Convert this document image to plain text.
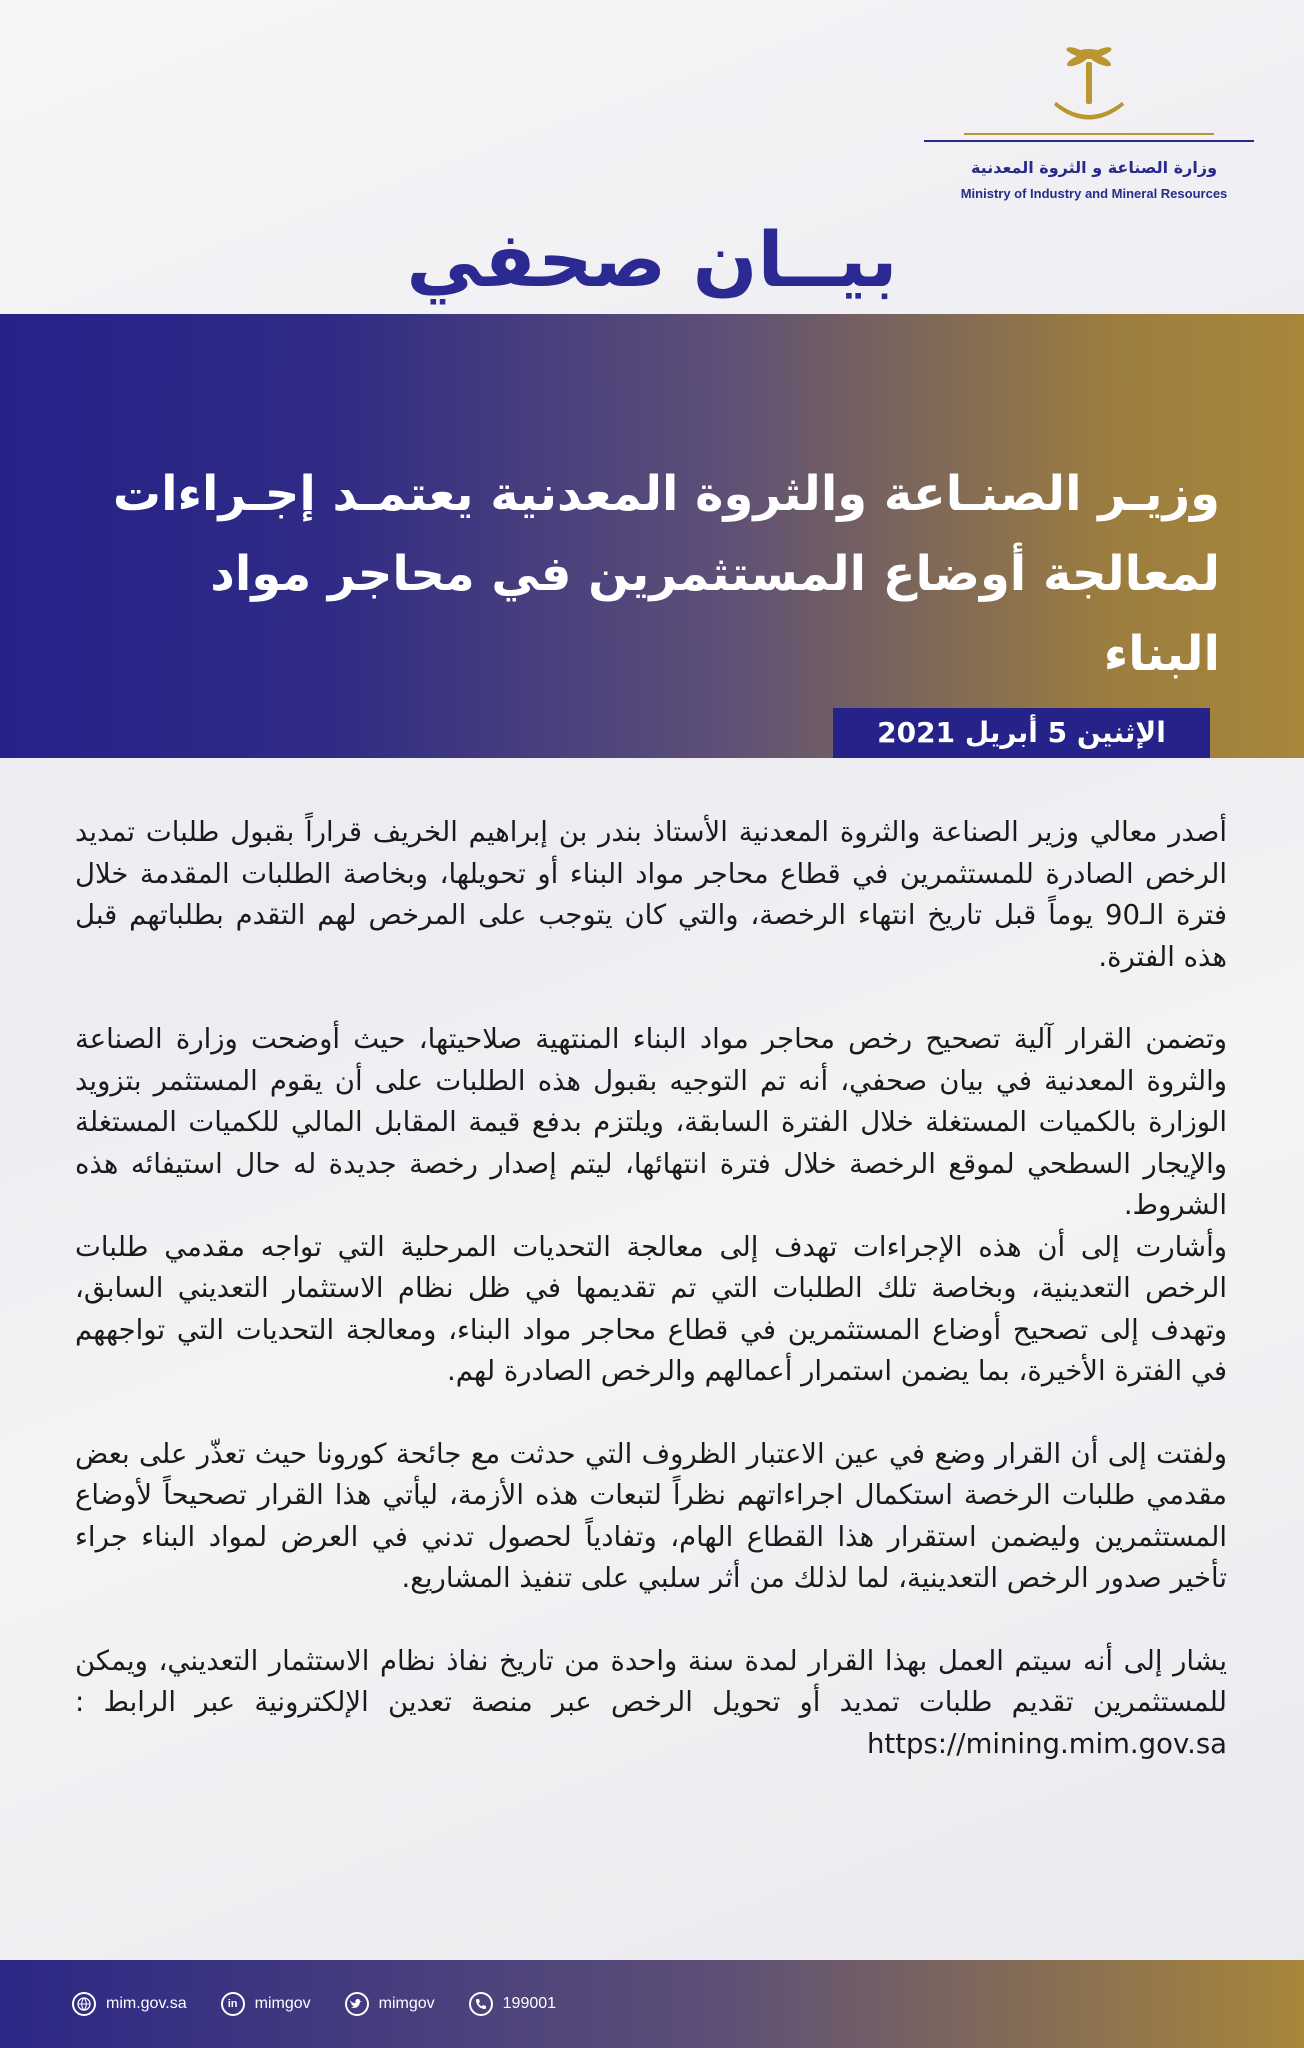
وزارة الصناعة و الثروة المعدنية
Ministry of Industry and Mineral Resources
بيــان صحفي
وزيـر الصنـاعة والثروة المعدنية يعتمـد إجـراءات
لمعالجة أوضاع المستثمرين في محاجر مواد البناء
الإثنين 5 أبريل 2021

أصدر معالي وزير الصناعة والثروة المعدنية الأستاذ بندر بن إبراهيم الخريف قراراً بقبول طلبات تمديد الرخص الصادرة للمستثمرين في قطاع محاجر مواد البناء أو تحويلها، وبخاصة الطلبات المقدمة خلال فترة الـ90 يوماً قبل تاريخ انتهاء الرخصة، والتي كان يتوجب على المرخص لهم التقدم بطلباتهم قبل هذه الفترة.

وتضمن القرار آلية تصحيح رخص محاجر مواد البناء المنتهية صلاحيتها، حيث أوضحت وزارة الصناعة والثروة المعدنية في بيان صحفي، أنه تم التوجيه بقبول هذه الطلبات على أن يقوم المستثمر بتزويد الوزارة بالكميات المستغلة خلال الفترة السابقة، ويلتزم بدفع قيمة المقابل المالي للكميات المستغلة والإيجار السطحي لموقع الرخصة خلال فترة انتهائها، ليتم إصدار رخصة جديدة له حال استيفائه هذه الشروط.

وأشارت إلى أن هذه الإجراءات تهدف إلى معالجة التحديات المرحلية التي تواجه مقدمي طلبات الرخص التعدينية، وبخاصة تلك الطلبات التي تم تقديمها في ظل نظام الاستثمار التعديني السابق، وتهدف إلى تصحيح أوضاع المستثمرين في قطاع محاجر مواد البناء، ومعالجة التحديات التي تواجههم في الفترة الأخيرة، بما يضمن استمرار أعمالهم والرخص الصادرة لهم.

ولفتت إلى أن القرار وضع في عين الاعتبار الظروف التي حدثت مع جائحة كورونا حيث تعذّر على بعض مقدمي طلبات الرخصة استكمال اجراءاتهم نظراً لتبعات هذه الأزمة، ليأتي هذا القرار تصحيحاً لأوضاع المستثمرين وليضمن استقرار هذا القطاع الهام، وتفادياً لحصول تدني في العرض لمواد البناء جراء تأخير صدور الرخص التعدينية، لما لذلك من أثر سلبي على تنفيذ المشاريع.

يشار إلى أنه سيتم العمل بهذا القرار لمدة سنة واحدة من تاريخ نفاذ نظام الاستثمار التعديني، ويمكن للمستثمرين تقديم طلبات تمديد أو تحويل الرخص عبر منصة تعدين الإلكترونية عبر الرابط : https://mining.mim.gov.sa

mim.gov.sa	in	mimgov	mimgov	199001
